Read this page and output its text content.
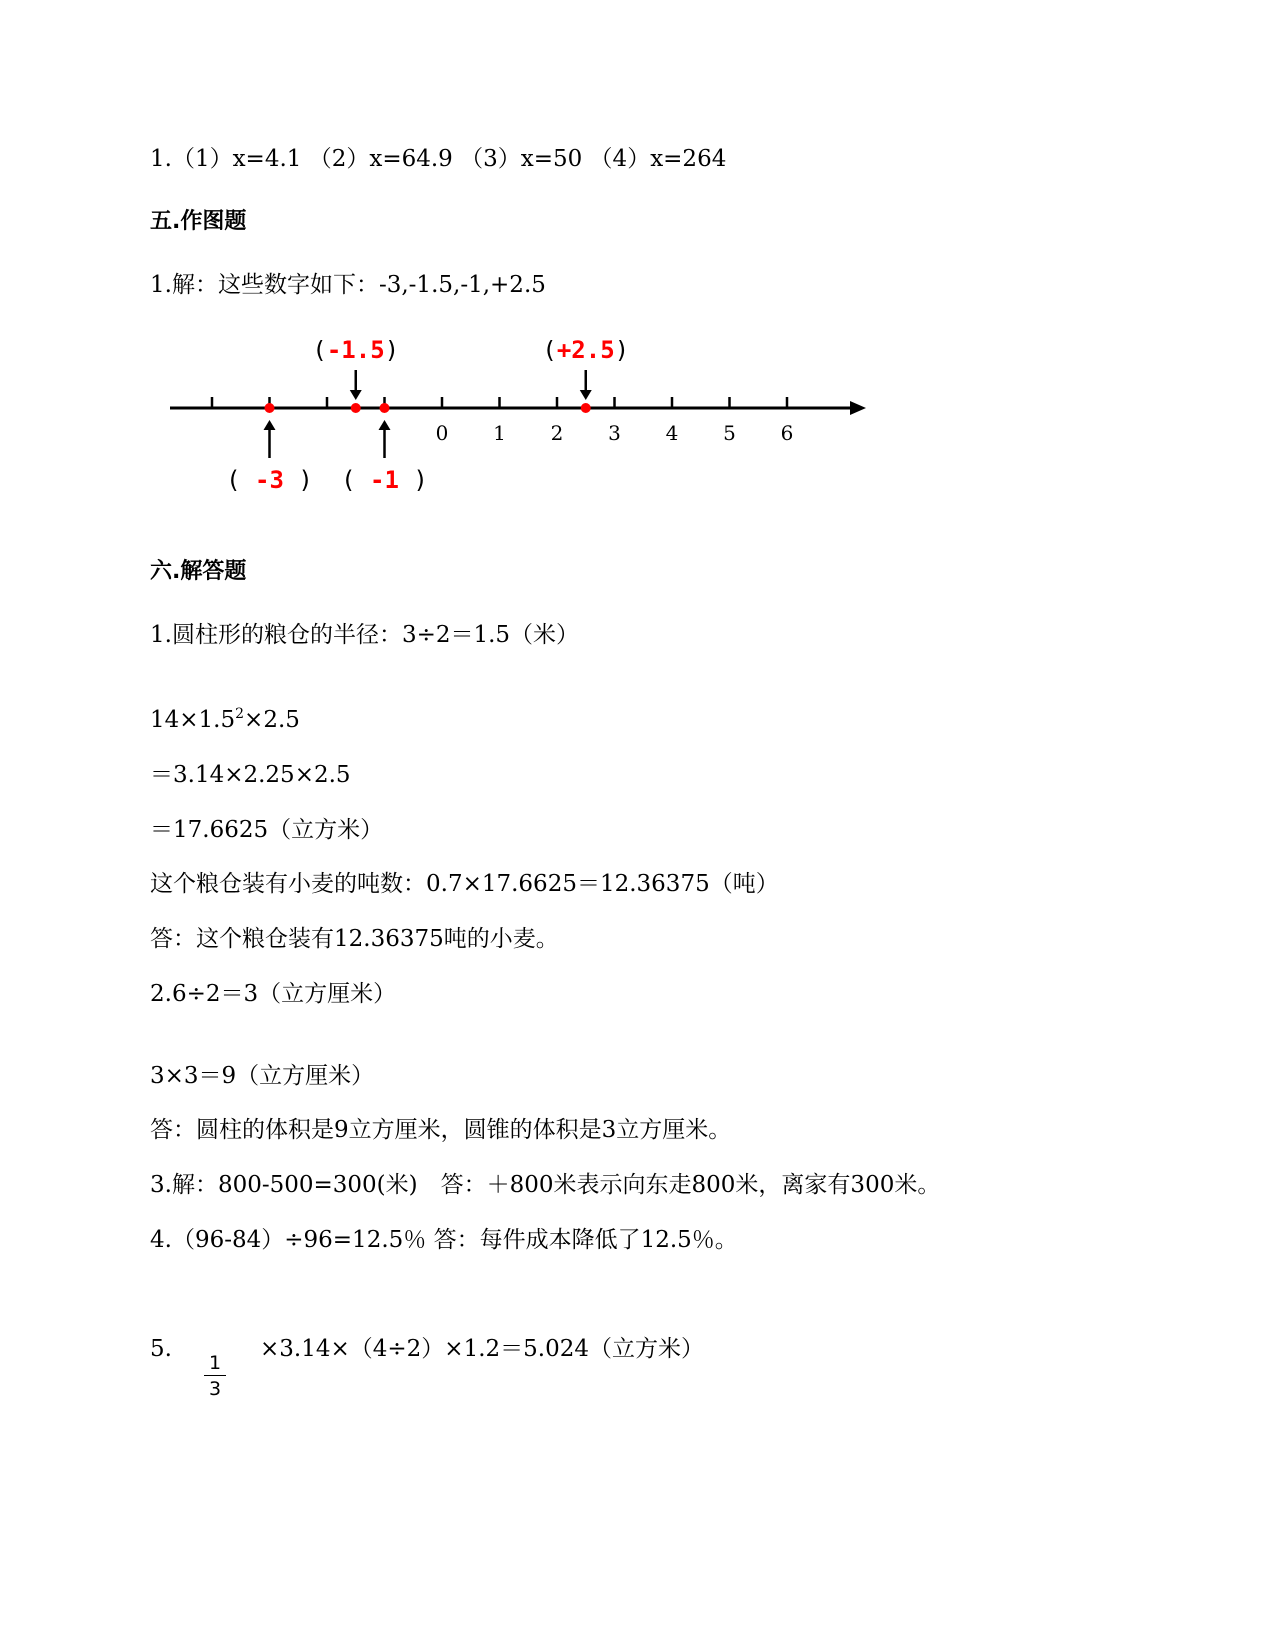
1.（1）x=4.1 （2）x=64.9 （3）x=50 （4）x=264
五.作图题
1.解：这些数字如下：-3,-1.5,-1,+2.5
0 1 2 3 4 5 6
( -3 )
(-1.5)
( -1 )
(+2.5)
六.解答题
1.圆柱形的粮仓的半径：3÷2＝1.5（米）
$14\times 1.5^2\times 2.5$
＝3.14×2.25×2.5
＝17.6625（立方米）
这个粮仓装有小麦的吨数：0.7×17.6625＝12.36375（吨）
答：这个粮仓装有12.36375吨的小麦。
2.6÷2＝3（立方厘米）
3×3＝9（立方厘米）
答：圆柱的体积是9立方厘米，圆锥的体积是3立方厘米。
3.解：800-500=300(米)　答：＋800米表示向东走800米，离家有300米。
4.（96-84）÷96=12.5％ 答：每件成本降低了12.5％。
1
3
5.	×3.14×（4÷2）×1.2＝5.024（立方米）
